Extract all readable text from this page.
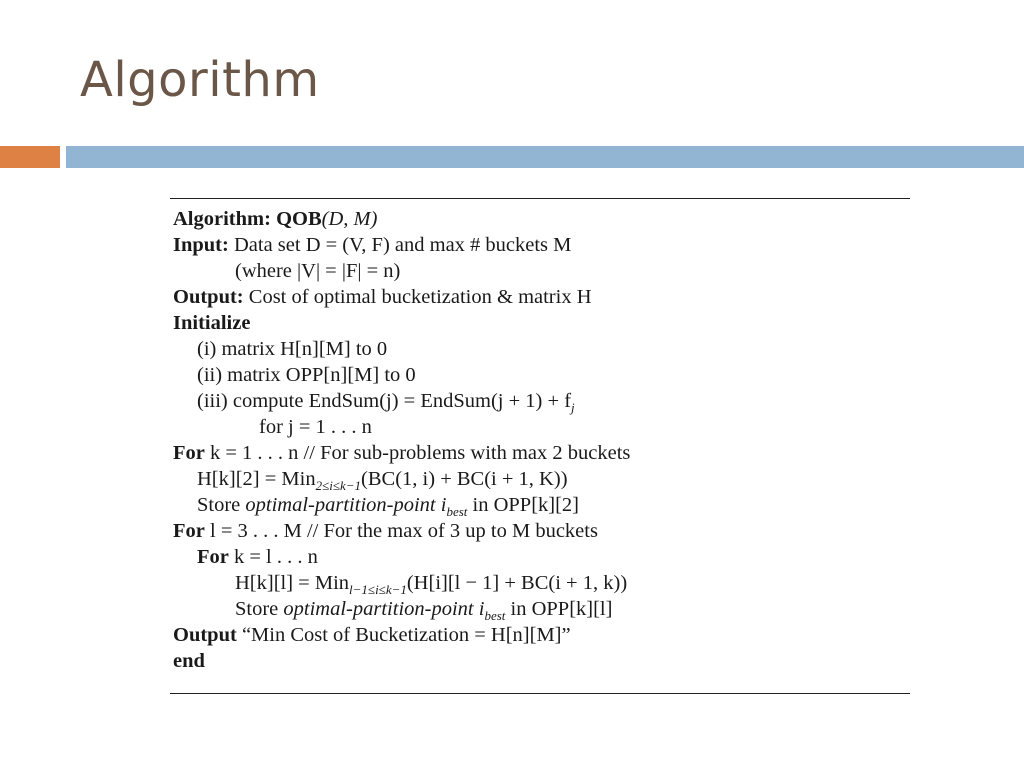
Algorithm
Algorithm: QOB(D, M)
Input: Data set D = (V, F) and max # buckets M
(where |V| = |F| = n)
Output: Cost of optimal bucketization & matrix H
Initialize
(i) matrix H[n][M] to 0
(ii) matrix OPP[n][M] to 0
(iii) compute EndSum(j) = EndSum(j + $1) + f_j$
for j = 1 . . . n
For k = 1 . . . n // For sub-problems with max 2 buckets
H[k][2] = Min$_{2\le i\le k-1}$(BC(1, i) + BC(i + 1, K))
Store optimal-partition-point $i_{best}$ in OPP[k][2]
For l = 3 . . . M // For the max of 3 up to M buckets
For k = l . . . n
H[k][l] = Min$_{l-1\le i\le k-1}$(H[i][l − 1] + BC(i + 1, k))
Store optimal-partition-point $i_{best}$ in OPP[k][l]
Output “Min Cost of Bucketization = H[n][M]”
end
